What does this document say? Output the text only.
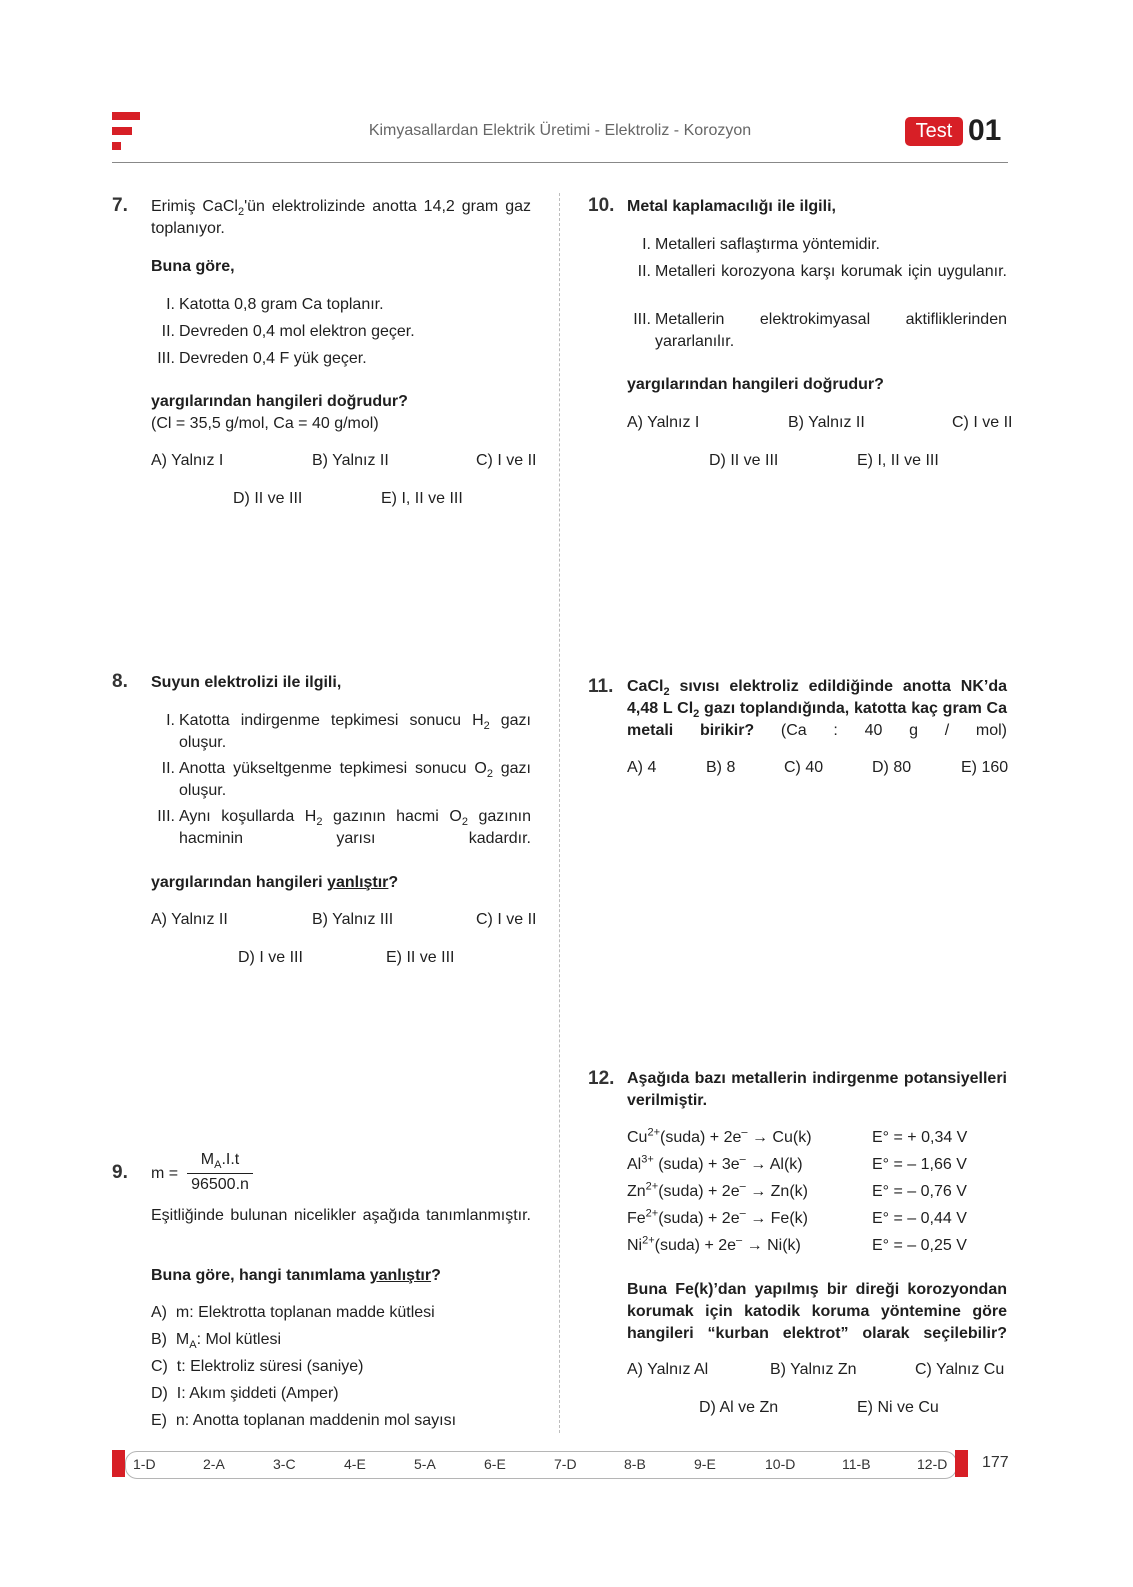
Kimyasallardan Elektrik Üretimi - Elektroliz - Korozyon	Test 01
7. Erimiş CaCl$_2$'ün elektrolizinde anotta 14,2 gram gaz toplanıyor.
Buna göre,
I. Katotta 0,8 gram Ca toplanır.
II. Devreden 0,4 mol elektron geçer.
III. Devreden 0,4 F yük geçer.
yargılarından hangileri doğrudur?
(Cl = 35,5 g/mol, Ca = 40 g/mol)
A) Yalnız I	B) Yalnız II	C) I ve II
D) II ve III	E) I, II ve III
8. Suyun elektrolizi ile ilgili,
I. Katotta indirgenme tepkimesi sonucu $H_2$ gazı oluşur.
II. Anotta yükseltgenme tepkimesi sonucu $O_2$ gazı oluşur.
III. Aynı koşullarda $H_2$ gazının hacmi $O_2$ gazının hacminin yarısı kadardır.
yargılarından hangileri yanlıştır?
A) Yalnız II	B) Yalnız III	C) I ve II
D) I ve III	E) II ve III
9. m =
$M_A.I.t$
96500.n
Eşitliğinde bulunan nicelikler aşağıda tanımlanmıştır.
Buna göre, hangi tanımlama yanlıştır?
A) m: Elektrotta toplanan madde kütlesi
B) $M_A$: Mol kütlesi
C) t: Elektroliz süresi (saniye)
D) I: Akım şiddeti (Amper)
E) n: Anotta toplanan maddenin mol sayısı
10. Metal kaplamacılığı ile ilgili,
I. Metalleri saflaştırma yöntemidir.
II. Metalleri korozyona karşı korumak için uygulanır.
III. Metallerin elektrokimyasal aktifliklerinden yararlanılır.
yargılarından hangileri doğrudur?
A) Yalnız I	B) Yalnız II	C) I ve II
D) II ve III	E) I, II ve III
11. CaCl$_2$ sıvısı elektroliz edildiğinde anotta NK’da 4,48 L $Cl_2$ gazı toplandığında, katotta kaç gram Ca metali birikir? (Ca : 40 g / mol)
A) 4	B) 8	C) 40	D) 80	E) 160
12. Aşağıda bazı metallerin indirgenme potansiyelleri verilmiştir.
$Cu^{2+}(suda) + 2e^- \to Cu(k)$	E° = + 0,34 V
$Al^{3+}$ (suda) + 3e– → Al(k)	E° = – 1,66 V
$Zn^{2+}(suda) + 2e^- \to Zn(k)$	E° = – 0,76 V
$Fe^{2+}(suda) + 2e^- \to Fe(k)$	E° = – 0,44 V
$Ni^{2+}(suda) + 2e^- \to Ni(k)$	E° = – 0,25 V
Buna Fe(k)’dan yapılmış bir direği korozyondan korumak için katodik koruma yöntemine göre hangileri “kurban elektrot” olarak seçilebilir?
A) Yalnız Al	B) Yalnız Zn	C) Yalnız Cu
D) Al ve Zn	E) Ni ve Cu
1-D	2-A	3-C	4-E	5-A	6-E	7-D	8-B	9-E	10-D	11-B	12-D 177
